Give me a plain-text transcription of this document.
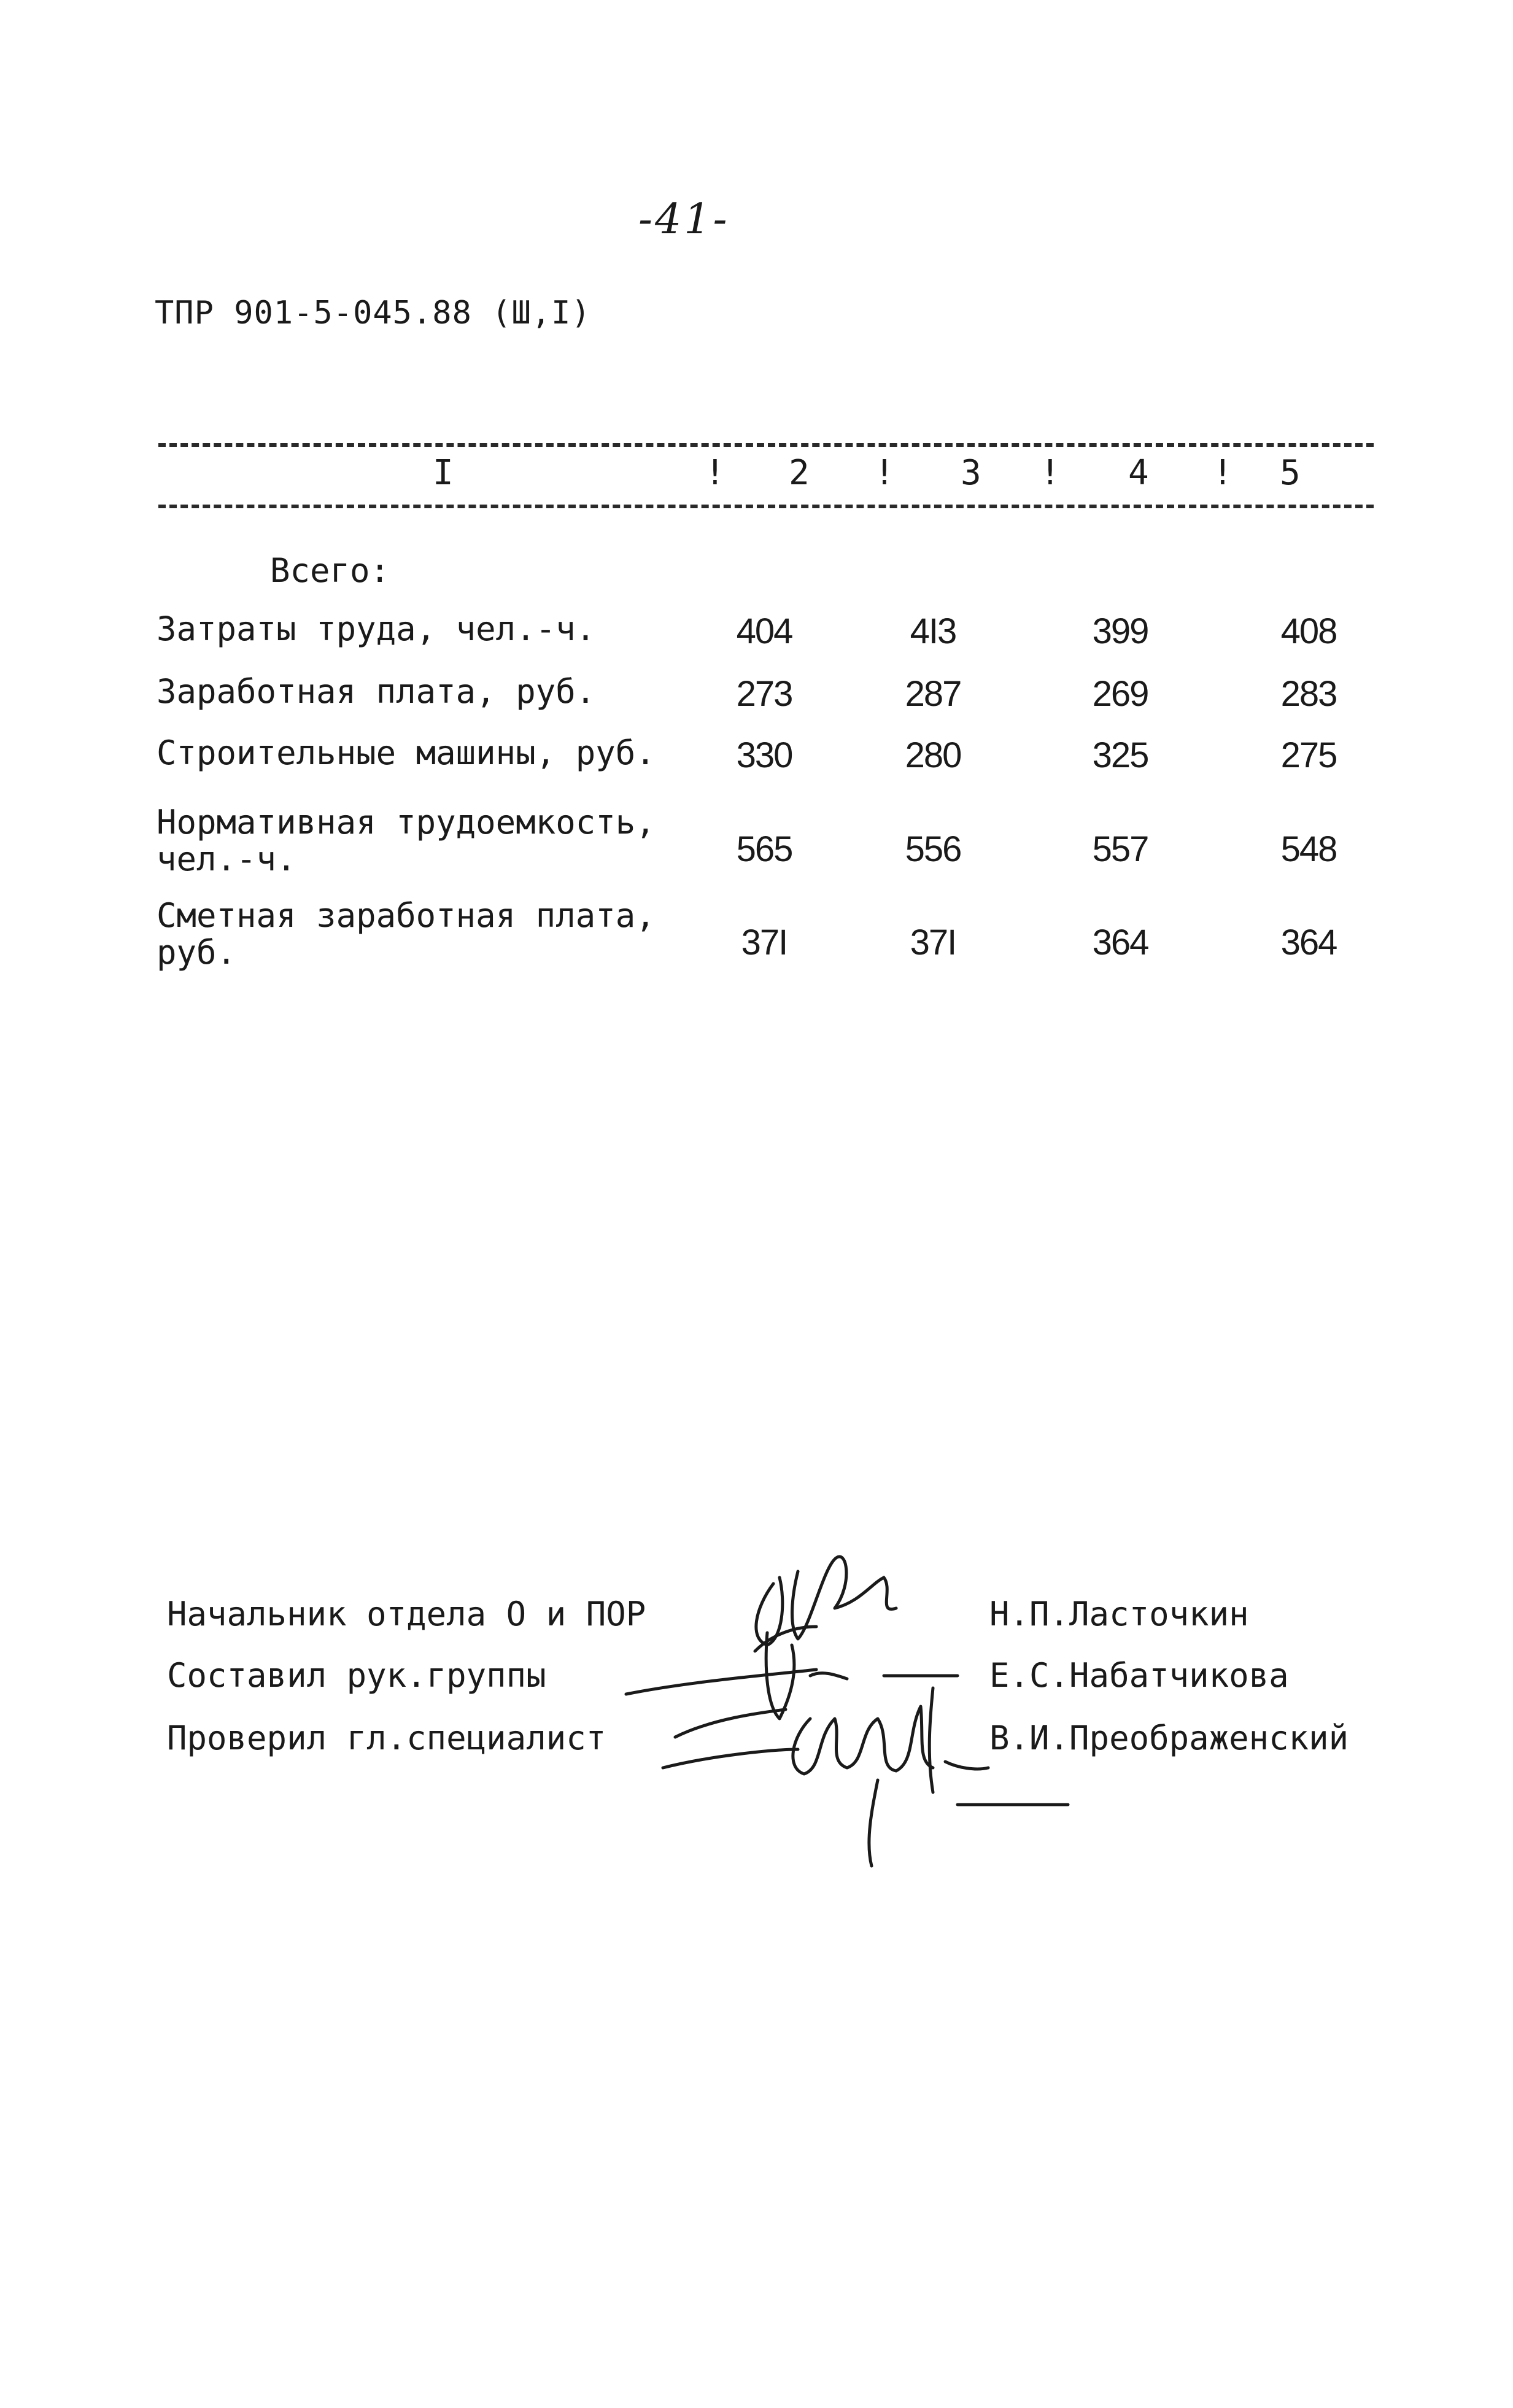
-41-
ТПР 901-5-045.88 (Ш,I)
I	! 2 ! 3 ! 4 ! 5
Всего:
Затраты труда, чел.-ч.	404	4I3	399	408
Заработная плата, руб.	273	287	269	283
Строительные машины, руб.	330	280	325	275
Нормативная трудоемкость,
чел.-ч.	565	556	557	548
Сметная заработная плата,
руб.	37I	37I	364	364
Начальник отдела О и ПОР	Н.П.Ласточкин
Составил рук.группы	Е.С.Набатчикова
Проверил гл.специалист	В.И.Преображенский
